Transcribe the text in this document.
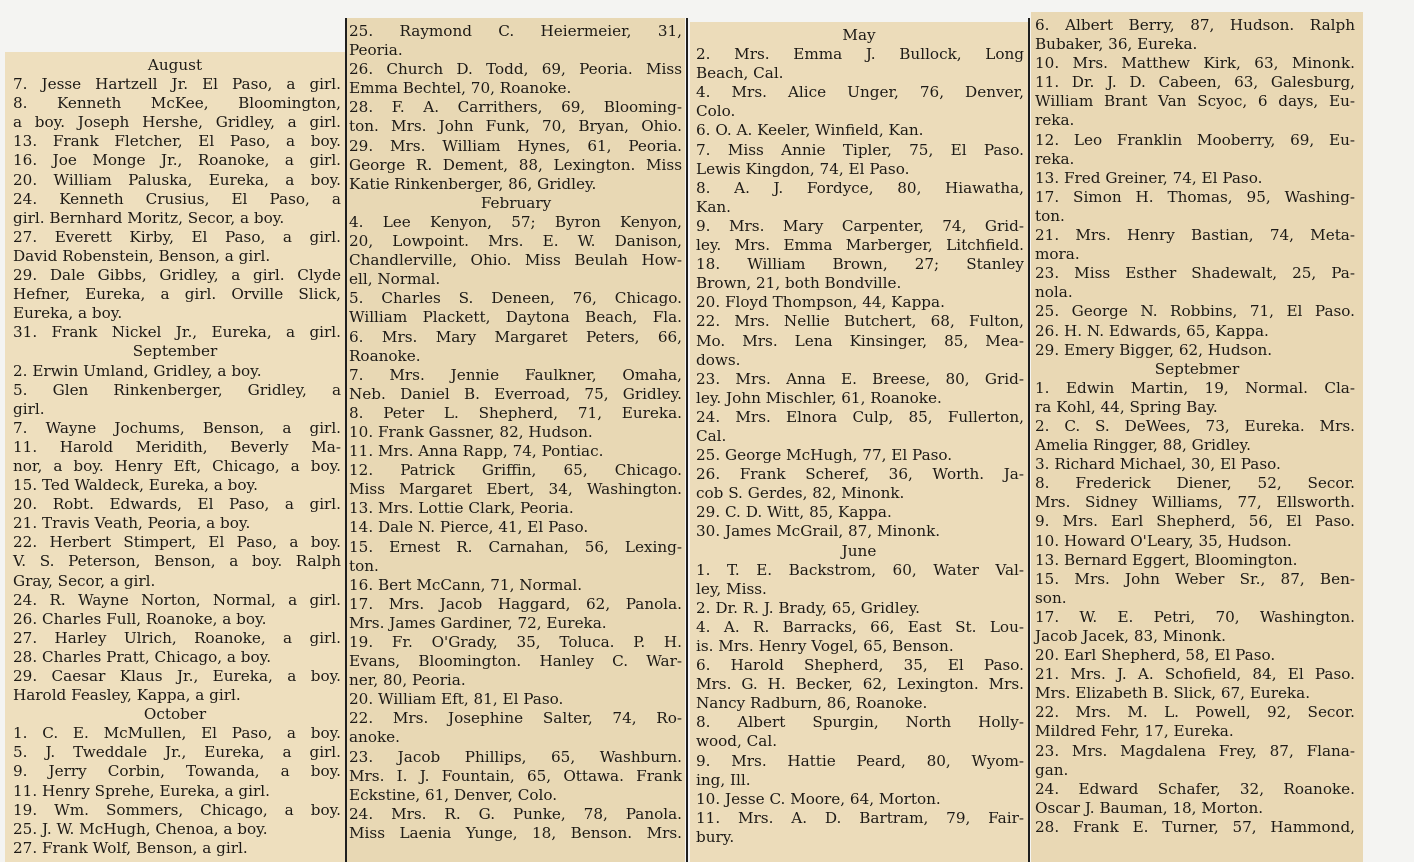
August
7. Jesse Hartzell Jr. El Paso, a girl.
8. Kenneth McKee, Bloomington,
a boy. Joseph Hershe, Gridley, a girl.
13. Frank Fletcher, El Paso, a boy.
16. Joe Monge Jr., Roanoke, a girl.
20. William Paluska, Eureka, a boy.
24. Kenneth Crusius, El Paso, a
girl. Bernhard Moritz, Secor, a boy.
27. Everett Kirby, El Paso, a girl.
David Robenstein, Benson, a girl.
29. Dale Gibbs, Gridley, a girl. Clyde
Hefner, Eureka, a girl. Orville Slick,
Eureka, a boy.
31. Frank Nickel Jr., Eureka, a girl.
September
2. Erwin Umland, Gridley, a boy.
5. Glen Rinkenberger, Gridley, a
girl.
7. Wayne Jochums, Benson, a girl.
11. Harold Meridith, Beverly Ma-
nor, a boy. Henry Eft, Chicago, a boy.
15. Ted Waldeck, Eureka, a boy.
20. Robt. Edwards, El Paso, a girl.
21. Travis Veath, Peoria, a boy.
22. Herbert Stimpert, El Paso, a boy.
V. S. Peterson, Benson, a boy. Ralph
Gray, Secor, a girl.
24. R. Wayne Norton, Normal, a girl.
26. Charles Full, Roanoke, a boy.
27. Harley Ulrich, Roanoke, a girl.
28. Charles Pratt, Chicago, a boy.
29. Caesar Klaus Jr., Eureka, a boy.
Harold Feasley, Kappa, a girl.
October
1. C. E. McMullen, El Paso, a boy.
5. J. Tweddale Jr., Eureka, a girl.
9. Jerry Corbin, Towanda, a boy.
11. Henry Sprehe, Eureka, a girl.
19. Wm. Sommers, Chicago, a boy.
25. J. W. McHugh, Chenoa, a boy.
27. Frank Wolf, Benson, a girl.
25. Raymond C. Heiermeier, 31,
Peoria.
26. Church D. Todd, 69, Peoria. Miss
Emma Bechtel, 70, Roanoke.
28. F. A. Carrithers, 69, Blooming-
ton. Mrs. John Funk, 70, Bryan, Ohio.
29. Mrs. William Hynes, 61, Peoria.
George R. Dement, 88, Lexington. Miss
Katie Rinkenberger, 86, Gridley.
February
4. Lee Kenyon, 57; Byron Kenyon,
20, Lowpoint. Mrs. E. W. Danison,
Chandlerville, Ohio. Miss Beulah How-
ell, Normal.
5. Charles S. Deneen, 76, Chicago.
William Plackett, Daytona Beach, Fla.
6. Mrs. Mary Margaret Peters, 66,
Roanoke.
7. Mrs. Jennie Faulkner, Omaha,
Neb. Daniel B. Everroad, 75, Gridley.
8. Peter L. Shepherd, 71, Eureka.
10. Frank Gassner, 82, Hudson.
11. Mrs. Anna Rapp, 74, Pontiac.
12. Patrick Griffin, 65, Chicago.
Miss Margaret Ebert, 34, Washington.
13. Mrs. Lottie Clark, Peoria.
14. Dale N. Pierce, 41, El Paso.
15. Ernest R. Carnahan, 56, Lexing-
ton.
16. Bert McCann, 71, Normal.
17. Mrs. Jacob Haggard, 62, Panola.
Mrs. James Gardiner, 72, Eureka.
19. Fr. O'Grady, 35, Toluca. P. H.
Evans, Bloomington. Hanley C. War-
ner, 80, Peoria.
20. William Eft, 81, El Paso.
22. Mrs. Josephine Salter, 74, Ro-
anoke.
23. Jacob Phillips, 65, Washburn.
Mrs. I. J. Fountain, 65, Ottawa. Frank
Eckstine, 61, Denver, Colo.
24. Mrs. R. G. Punke, 78, Panola.
Miss Laenia Yunge, 18, Benson. Mrs.
May
2. Mrs. Emma J. Bullock, Long
Beach, Cal.
4. Mrs. Alice Unger, 76, Denver,
Colo.
6. O. A. Keeler, Winfield, Kan.
7. Miss Annie Tipler, 75, El Paso.
Lewis Kingdon, 74, El Paso.
8. A. J. Fordyce, 80, Hiawatha,
Kan.
9. Mrs. Mary Carpenter, 74, Grid-
ley. Mrs. Emma Marberger, Litchfield.
18. William Brown, 27; Stanley
Brown, 21, both Bondville.
20. Floyd Thompson, 44, Kappa.
22. Mrs. Nellie Butchert, 68, Fulton,
Mo. Mrs. Lena Kinsinger, 85, Mea-
dows.
23. Mrs. Anna E. Breese, 80, Grid-
ley. John Mischler, 61, Roanoke.
24. Mrs. Elnora Culp, 85, Fullerton,
Cal.
25. George McHugh, 77, El Paso.
26. Frank Scheref, 36, Worth. Ja-
cob S. Gerdes, 82, Minonk.
29. C. D. Witt, 85, Kappa.
30. James McGrail, 87, Minonk.
June
1. T. E. Backstrom, 60, Water Val-
ley, Miss.
2. Dr. R. J. Brady, 65, Gridley.
4. A. R. Barracks, 66, East St. Lou-
is. Mrs. Henry Vogel, 65, Benson.
6. Harold Shepherd, 35, El Paso.
Mrs. G. H. Becker, 62, Lexington. Mrs.
Nancy Radburn, 86, Roanoke.
8. Albert Spurgin, North Holly-
wood, Cal.
9. Mrs. Hattie Peard, 80, Wyom-
ing, Ill.
10. Jesse C. Moore, 64, Morton.
11. Mrs. A. D. Bartram, 79, Fair-
bury.
6. Albert Berry, 87, Hudson. Ralph
Bubaker, 36, Eureka.
10. Mrs. Matthew Kirk, 63, Minonk.
11. Dr. J. D. Cabeen, 63, Galesburg,
William Brant Van Scyoc, 6 days, Eu-
reka.
12. Leo Franklin Mooberry, 69, Eu-
reka.
13. Fred Greiner, 74, El Paso.
17. Simon H. Thomas, 95, Washing-
ton.
21. Mrs. Henry Bastian, 74, Meta-
mora.
23. Miss Esther Shadewalt, 25, Pa-
nola.
25. George N. Robbins, 71, El Paso.
26. H. N. Edwards, 65, Kappa.
29. Emery Bigger, 62, Hudson.
Septebmer
1. Edwin Martin, 19, Normal. Cla-
ra Kohl, 44, Spring Bay.
2. C. S. DeWees, 73, Eureka. Mrs.
Amelia Ringger, 88, Gridley.
3. Richard Michael, 30, El Paso.
8. Frederick Diener, 52, Secor.
Mrs. Sidney Williams, 77, Ellsworth.
9. Mrs. Earl Shepherd, 56, El Paso.
10. Howard O'Leary, 35, Hudson.
13. Bernard Eggert, Bloomington.
15. Mrs. John Weber Sr., 87, Ben-
son.
17. W. E. Petri, 70, Washington.
Jacob Jacek, 83, Minonk.
20. Earl Shepherd, 58, El Paso.
21. Mrs. J. A. Schofield, 84, El Paso.
Mrs. Elizabeth B. Slick, 67, Eureka.
22. Mrs. M. L. Powell, 92, Secor.
Mildred Fehr, 17, Eureka.
23. Mrs. Magdalena Frey, 87, Flana-
gan.
24. Edward Schafer, 32, Roanoke.
Oscar J. Bauman, 18, Morton.
28. Frank E. Turner, 57, Hammond,
